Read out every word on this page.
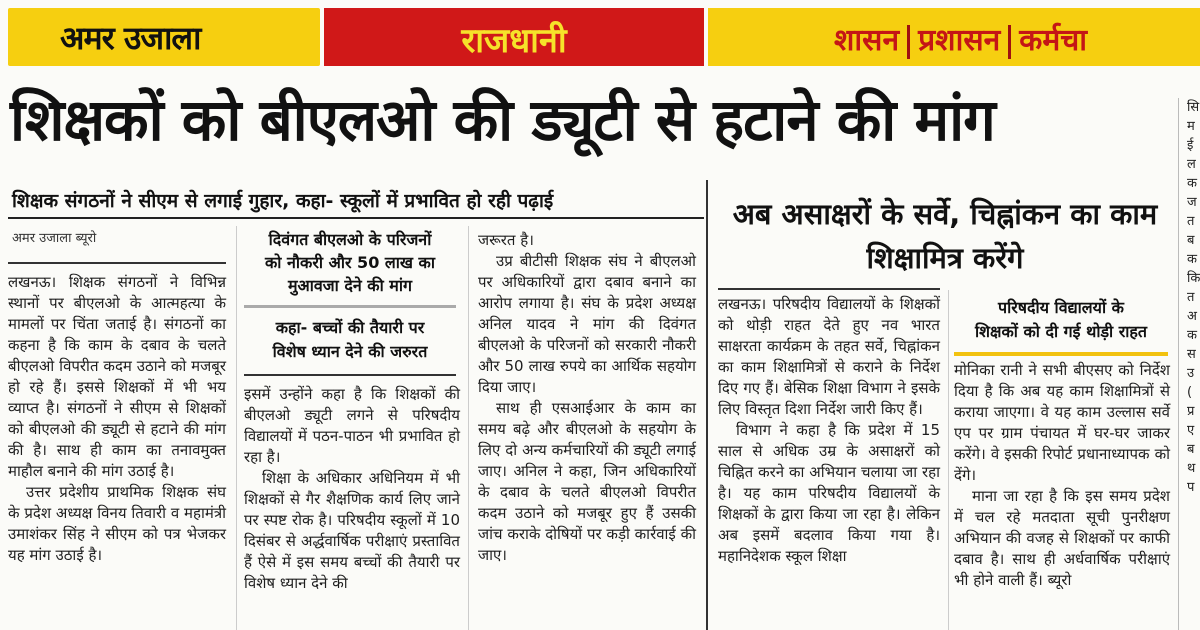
अमर उजाला	राजधानी	शासन प्रशासन कर्मचा
शिक्षकों को बीएलओ की ड्यूटी से हटाने की मांग	सि
म
ई
ल
क
ज
त
ब
क
कि
त
अ
क
स
उ
(
प्र
ए
ब
थ
प
शिक्षक संगठनों ने सीएम से लगाई गुहार, कहा- स्कूलों में प्रभावित हो रही पढ़ाई
अमर उजाला ब्यूरो

लखनऊ। शिक्षक संगठनों ने विभिन्न स्थानों पर बीएलओ के आत्महत्या के मामलों पर चिंता जताई है। संगठनों का कहना है कि काम के दबाव के चलते बीएलओ विपरीत कदम उठाने को मजबूर हो रहे हैं। इससे शिक्षकों में भी भय व्याप्त है। संगठनों ने सीएम से शिक्षकों को बीएलओ की ड्यूटी से हटाने की मांग की है। साथ ही काम का तनावमुक्त माहौल बनाने की मांग उठाई है।

उत्तर प्रदेशीय प्राथमिक शिक्षक संघ के प्रदेश अध्यक्ष विनय तिवारी व महामंत्री उमाशंकर सिंह ने सीएम को पत्र भेजकर यह मांग उठाई है।

दिवंगत बीएलओ के परिजनों
को नौकरी और 50 लाख का
मुआवजा देने की मांग
कहा- बच्चों की तैयारी पर
विशेष ध्यान देने की जरुरत

इसमें उन्होंने कहा है कि शिक्षकों की बीएलओ ड्यूटी लगने से परिषदीय विद्यालयों में पठन-पाठन भी प्रभावित हो रहा है।

शिक्षा के अधिकार अधिनियम में भी शिक्षकों से गैर शैक्षणिक कार्य लिए जाने पर स्पष्ट रोक है। परिषदीय स्कूलों में 10 दिसंबर से अर्द्धवार्षिक परीक्षाएं प्रस्तावित हैं ऐसे में इस समय बच्चों की तैयारी पर विशेष ध्यान देने की

जरूरत है।

उप्र बीटीसी शिक्षक संघ ने बीएलओ पर अधिकारियों द्वारा दबाव बनाने का आरोप लगाया है। संघ के प्रदेश अध्यक्ष अनिल यादव ने मांग की दिवंगत बीएलओ के परिजनों को सरकारी नौकरी और 50 लाख रुपये का आर्थिक सहयोग दिया जाए।

साथ ही एसआईआर के काम का समय बढ़े और बीएलओ के सहयोग के लिए दो अन्य कर्मचारियों की ड्यूटी लगाई जाए। अनिल ने कहा, जिन अधिकारियों के दबाव के चलते बीएलओ विपरीत कदम उठाने को मजबूर हुए हैं उसकी जांच कराके दोषियों पर कड़ी कार्रवाई की जाए।

अब असाक्षरों के सर्वे, चिह्नांकन का काम शिक्षामित्र करेंगे

लखनऊ। परिषदीय विद्यालयों के शिक्षकों को थोड़ी राहत देते हुए नव भारत साक्षरता कार्यक्रम के तहत सर्वे, चिह्नांकन का काम शिक्षामित्रों से कराने के निर्देश दिए गए हैं। बेसिक शिक्षा विभाग ने इसके लिए विस्तृत दिशा निर्देश जारी किए हैं।

विभाग ने कहा है कि प्रदेश में 15 साल से अधिक उम्र के असाक्षरों को चिह्नित करने का अभियान चलाया जा रहा है। यह काम परिषदीय विद्यालयों के शिक्षकों के द्वारा किया जा रहा है। लेकिन अब इसमें बदलाव किया गया है। महानिदेशक स्कूल शिक्षा

परिषदीय विद्यालयों के
शिक्षकों को दी गई थोड़ी राहत

मोनिका रानी ने सभी बीएसए को निर्देश दिया है कि अब यह काम शिक्षामित्रों से कराया जाएगा। वे यह काम उल्लास सर्वे एप पर ग्राम पंचायत में घर-घर जाकर करेंगे। वे इसकी रिपोर्ट प्रधानाध्यापक को देंगे।

माना जा रहा है कि इस समय प्रदेश में चल रहे मतदाता सूची पुनरीक्षण अभियान की वजह से शिक्षकों पर काफी दबाव है। साथ ही अर्धवार्षिक परीक्षाएं भी होने वाली हैं। ब्यूरो
